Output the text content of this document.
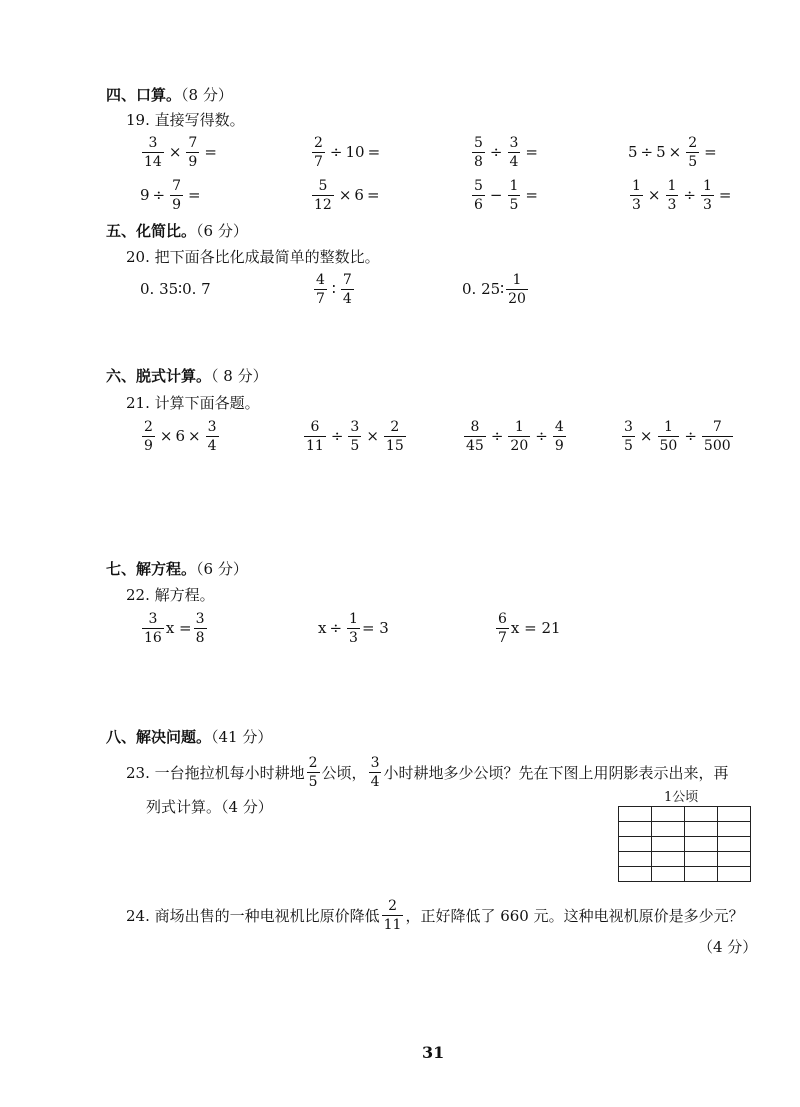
四、口算。（8 分）
19. 直接写得数。
$\frac{3}{14} \times \frac{7}{9}$ =	$\frac{2}{7} \div 10$ =	$\frac{5}{8} \div \frac{3}{4}$ =	$5 \div 5 \times \frac{2}{5}$ =
$9 \div \frac{7}{9}$ =	$\frac{5}{12} \times 6$ =	$\frac{5}{6} - \frac{1}{5}$ =	$\frac{1}{3} \times \frac{1}{3} \div \frac{1}{3}$ =
五、化简比。（6 分）
20. 把下面各比化成最简单的整数比。
0. 35∶0. 7	$\frac{4}{7}$ ∶ $\frac{7}{4}$	0. 25∶ $\frac{1}{20}$
六、脱式计算。（ 8 分）
21. 计算下面各题。
$\frac{2}{9} \times 6 \times \frac{3}{4}$	$\frac{6}{11} \div \frac{3}{5} \times \frac{2}{15}$	$\frac{8}{45} \div \frac{1}{20} \div \frac{4}{9}$	$\frac{3}{5} \times \frac{1}{50} \div \frac{7}{500}$
七、解方程。（6 分）
22. 解方程。
$\frac{3}{16}$ $x = \frac{3}{8}$	$x \div \frac{1}{3} = 3$	$\frac{6}{7}$ x = 21
八、解决问题。（41 分）
23. 一台拖拉机每小时耕地 $\frac{2}{5}$ 公顷， $\frac{3}{4}$ 小时耕地多少公顷？先在下图上用阴影表示出来，再
列式计算。（4 分）
1公顷

24. 商场出售的一种电视机比原价降低 $\frac{2}{11}$ ，正好降低了 660 元。这种电视机原价是多少元？
（4 分）
31
